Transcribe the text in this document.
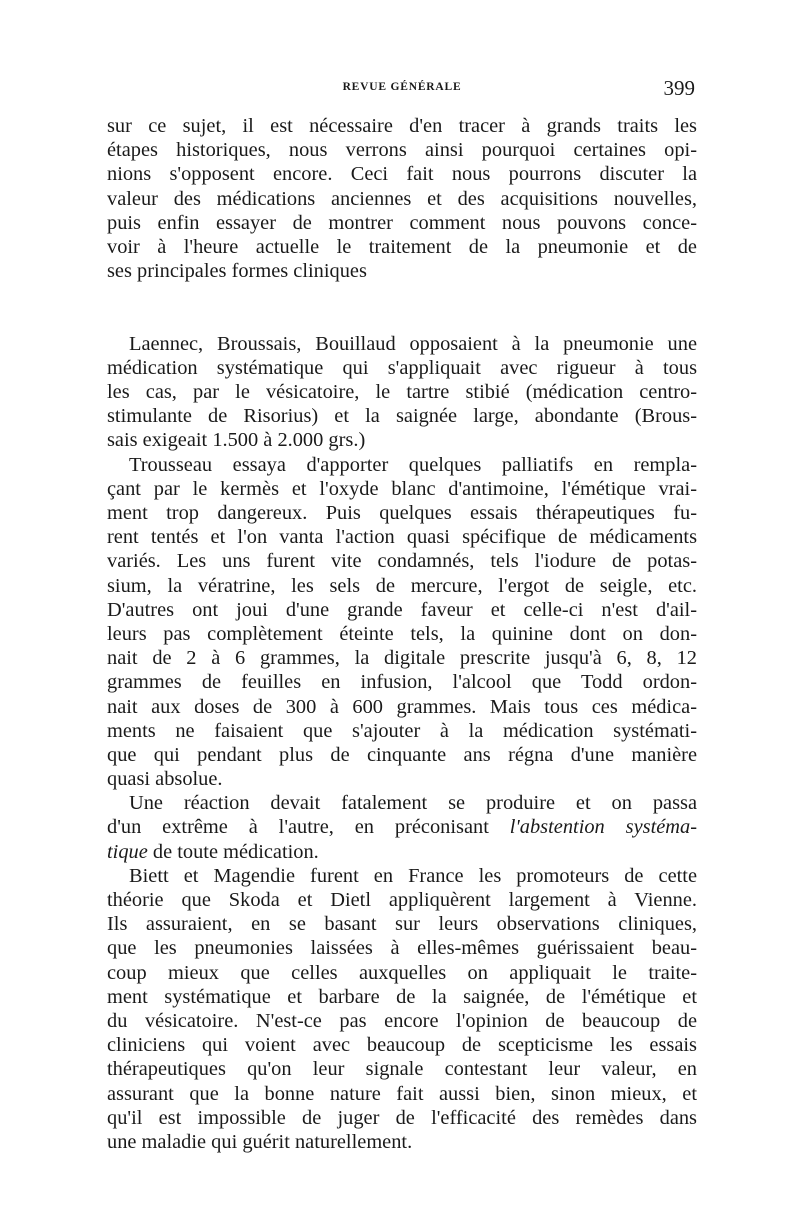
REVUE GÉNÉRALE	399
sur ce sujet, il est nécessaire d'en tracer à grands traits les
étapes historiques, nous verrons ainsi pourquoi certaines opi-
nions s'opposent encore. Ceci fait nous pourrons discuter la
valeur des médications anciennes et des acquisitions nouvelles,
puis enfin essayer de montrer comment nous pouvons conce-
voir à l'heure actuelle le traitement de la pneumonie et de
ses principales formes cliniques
Laennec, Broussais, Bouillaud opposaient à la pneumonie une
médication systématique qui s'appliquait avec rigueur à tous
les cas, par le vésicatoire, le tartre stibié (médication centro-
stimulante de Risorius) et la saignée large, abondante (Brous-
sais exigeait 1.500 à 2.000 grs.)
Trousseau essaya d'apporter quelques palliatifs en rempla-
çant par le kermès et l'oxyde blanc d'antimoine, l'émétique vrai-
ment trop dangereux. Puis quelques essais thérapeutiques fu-
rent tentés et l'on vanta l'action quasi spécifique de médicaments
variés. Les uns furent vite condamnés, tels l'iodure de potas-
sium, la vératrine, les sels de mercure, l'ergot de seigle, etc.
D'autres ont joui d'une grande faveur et celle-ci n'est d'ail-
leurs pas complètement éteinte tels, la quinine dont on don-
nait de 2 à 6 grammes, la digitale prescrite jusqu'à 6, 8, 12
grammes de feuilles en infusion, l'alcool que Todd ordon-
nait aux doses de 300 à 600 grammes. Mais tous ces médica-
ments ne faisaient que s'ajouter à la médication systémati-
que qui pendant plus de cinquante ans régna d'une manière
quasi absolue.
Une réaction devait fatalement se produire et on passa
d'un extrême à l'autre, en préconisant l'abstention systéma-
tique de toute médication.
Biett et Magendie furent en France les promoteurs de cette
théorie que Skoda et Dietl appliquèrent largement à Vienne.
Ils assuraient, en se basant sur leurs observations cliniques,
que les pneumonies laissées à elles-mêmes guérissaient beau-
coup mieux que celles auxquelles on appliquait le traite-
ment systématique et barbare de la saignée, de l'émétique et
du vésicatoire. N'est-ce pas encore l'opinion de beaucoup de
cliniciens qui voient avec beaucoup de scepticisme les essais
thérapeutiques qu'on leur signale contestant leur valeur, en
assurant que la bonne nature fait aussi bien, sinon mieux, et
qu'il est impossible de juger de l'efficacité des remèdes dans
une maladie qui guérit naturellement.
